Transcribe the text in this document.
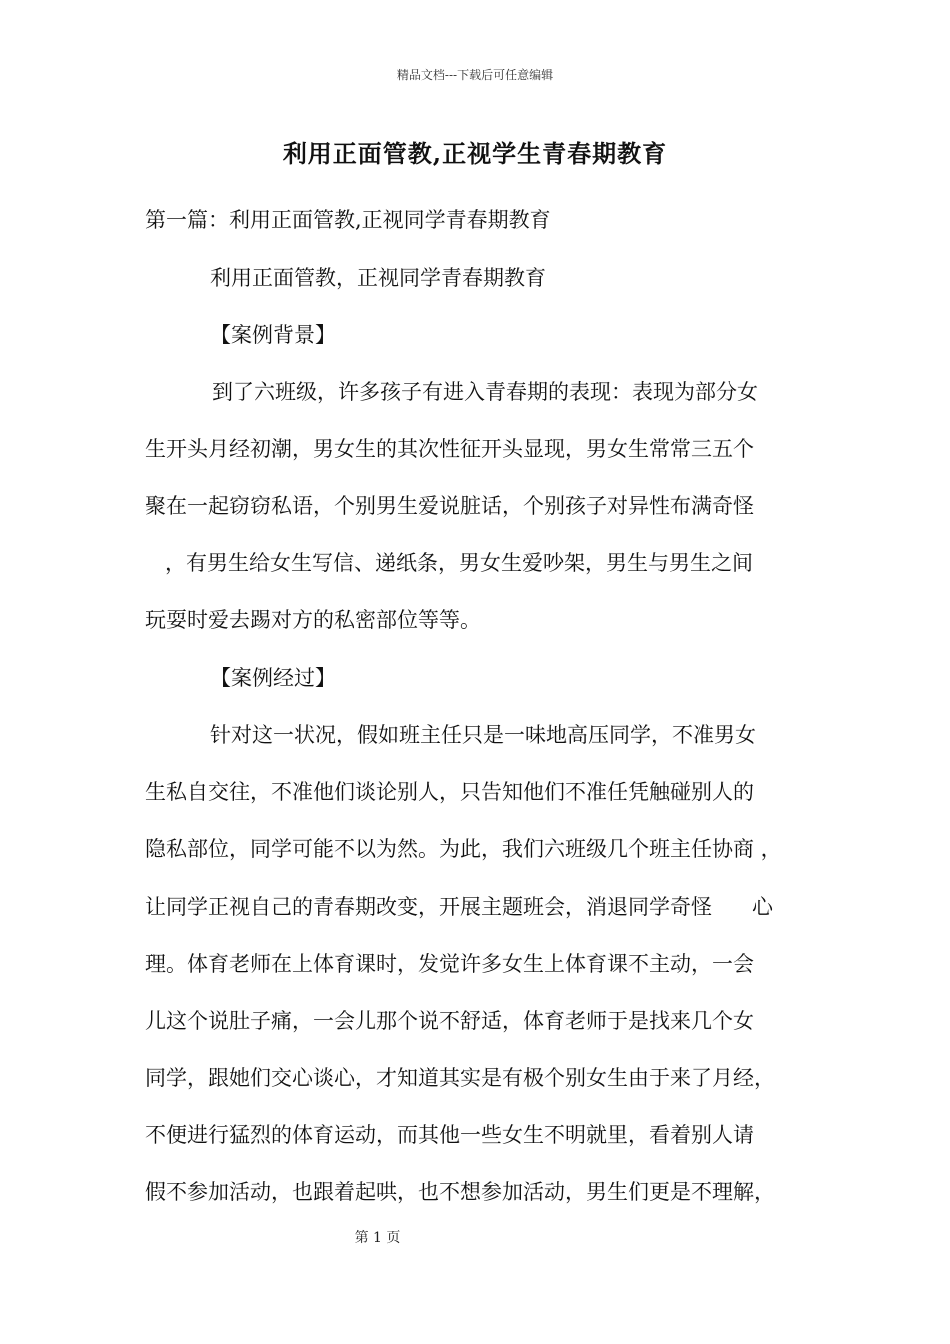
精品文档---下载后可任意编辑
利用正面管教,正视学生青春期教育
第一篇：利用正面管教,正视同学青春期教育
利用正面管教，正视同学青春期教育
【案例背景】
到了六班级，许多孩子有进入青春期的表现：表现为部分女
生开头月经初潮，男女生的其次性征开头显现，男女生常常三五个
聚在一起窃窃私语，个别男生爱说脏话，个别孩子对异性布满奇怪
，有男生给女生写信、递纸条，男女生爱吵架，男生与男生之间
玩耍时爱去踢对方的私密部位等等。
【案例经过】
针对这一状况，假如班主任只是一味地高压同学，不准男女
生私自交往，不准他们谈论别人，只告知他们不准任凭触碰别人的
隐私部位，同学可能不以为然。为此，我们六班级几个班主任协商 ，
让同学正视自己的青春期改变，开展主题班会，消退同学奇怪      心
理。体育老师在上体育课时，发觉许多女生上体育课不主动，一会
儿这个说肚子痛，一会儿那个说不舒适，体育老师于是找来几个女
同学，跟她们交心谈心，才知道其实是有极个别女生由于来了月经，
不便进行猛烈的体育运动，而其他一些女生不明就里，看着别人请
假不参加活动，也跟着起哄，也不想参加活动，男生们更是不理解，
第 1 页
